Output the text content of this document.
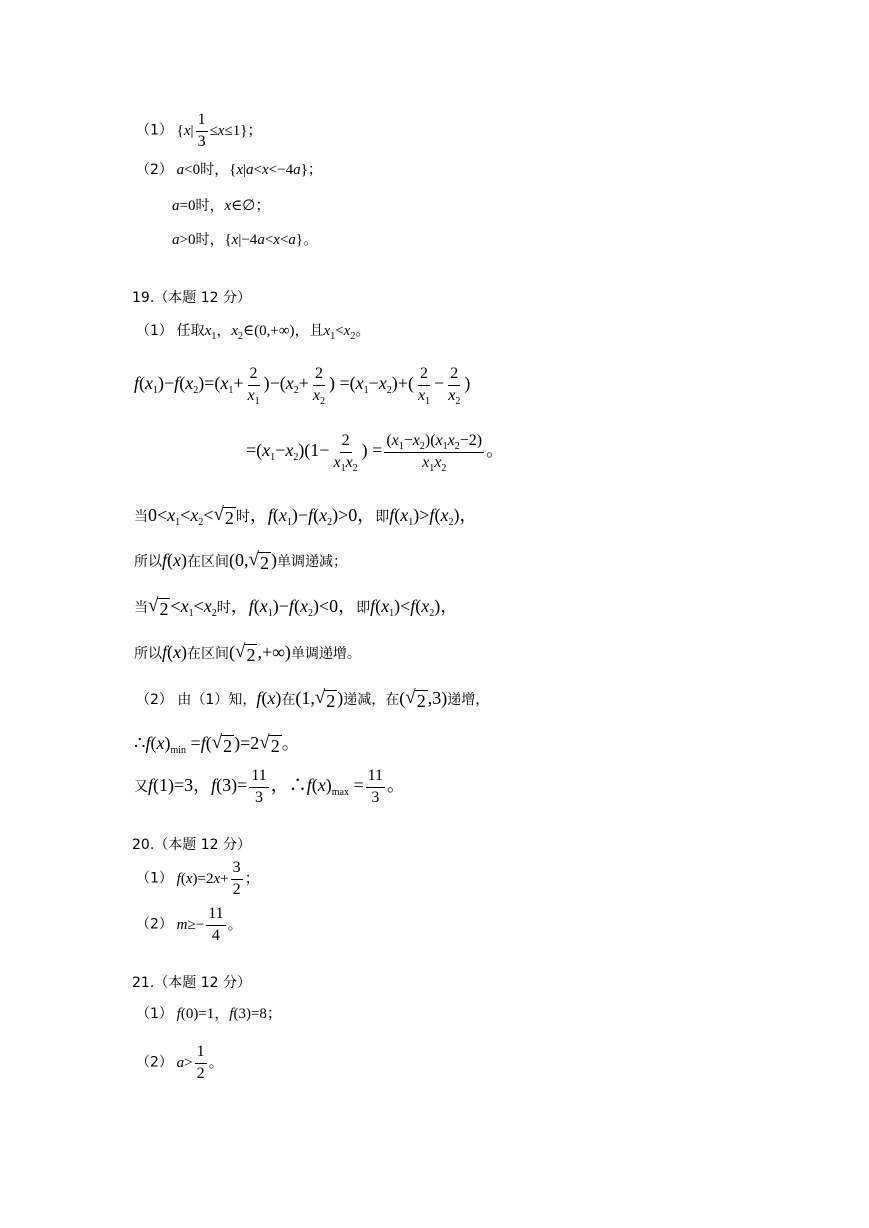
（1） $\{x| \frac{1}{3} \le x\le 1\}$；
（2） a<0时，{x|a<x<−4a}；
a=0时，x∈∅；
a>0时，{x|−4a<x<a}。
19.（本题 12 分）
（1） 任取$x_1$，$x_2\in(0,+\infty)$，且$x_1<x_2$。
$f(x_1)-f(x_2)=(x_1+ \frac{2}{x_1} )-(x_2+ \frac{2}{x_2}$ ) $=(x_1-x_2)+( \frac{2}{x_1} - \frac{2}{x_2}$ )
$=(x_1-x_2)(1- \frac{2}{x_1x_2}$ ) = $\frac{(x_1-x_2)(x_1x_2-2)}{x_1x_2}$ 。
当$0<x_1<x_2<$ √ 2 时，$f(x_1)-f(x_2)>0$，即$f(x_1)>f(x_2)$，
所以f(x)在区间(0, √ 2 )单调递减；
当 √ $2 <x_1<x_2$时，$f(x_1)-f(x_2)<0$，即$f(x_1)<f(x_2)$，
所以f(x)在区间( √ 2 ,+∞)单调递增。
（2） 由（1）知，f(x)在(1, √ 2 )递减，在( √ 2 ,3)递增，
$\therefore f(x)_{min} =f$( √ 2 )=2 √ 2 。
又f(1)=3，$f(3)= \frac{11}{3}$ ，$\therefore f(x)_{max} = \frac{11}{3}$ 。
20.（本题 12 分）
（1） $f(x)=2x+ \frac{3}{2}$ ；
（2） $m\ge- \frac{11}{4}$ 。
21.（本题 12 分）
（1） f(0)=1，f(3)=8；
（2） $a> \frac{1}{2}$ 。
